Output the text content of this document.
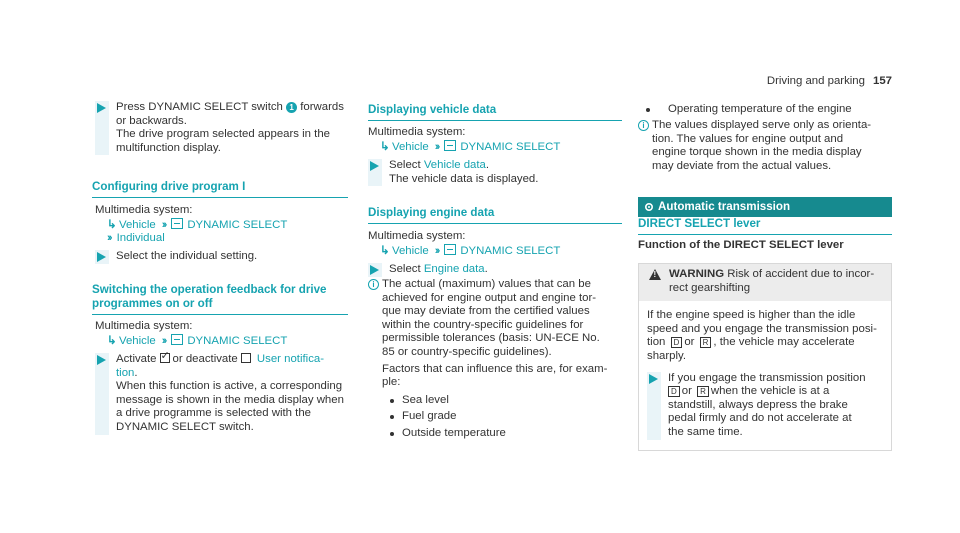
Driving and parking 157
Press DYNAMIC SELECT switch 1 forwards
or backwards.
The drive program selected appears in the
multifunction display.
Configuring drive program I
Multimedia system:
↳ Vehicle ›› DYNAMIC SELECT
›› Individual
Select the individual setting.
Switching the operation feedback for drive
programmes on or off
Multimedia system:
↳ Vehicle ›› DYNAMIC SELECT
Activate✓ or deactivate User notifica-
tion.
When this function is active, a corresponding
message is shown in the media display when
a drive programme is selected with the
DYNAMIC SELECT switch.
Displaying vehicle data
Multimedia system:
↳ Vehicle ›› DYNAMIC SELECT
Select Vehicle data.
The vehicle data is displayed.
Displaying engine data
Multimedia system:
↳ Vehicle ›› DYNAMIC SELECT
Select Engine data.
i The actual (maximum) values that can be
achieved for engine output and engine tor-
que may deviate from the certified values
within the country-specific guidelines for
permissible tolerances (basis: UN-ECE No.
85 or country-specific guidelines).
Factors that can influence this are, for exam-
ple:
Sea level
Fuel grade
Outside temperature
Operating temperature of the engine
i The values displayed serve only as orienta-
tion. The values for engine output and
engine torque shown in the media display
may deviate from the actual values.
Automatic transmission
DIRECT SELECT lever
Function of the DIRECT SELECT lever
!
WARNING Risk of accident due to incor-
rect gearshifting
If the engine speed is higher than the idle
speed and you engage the transmission posi-
tion D or R , the vehicle may accelerate
sharply.
If you engage the transmission position
D or R when the vehicle is at a
standstill, always depress the brake
pedal firmly and do not accelerate at
the same time.
